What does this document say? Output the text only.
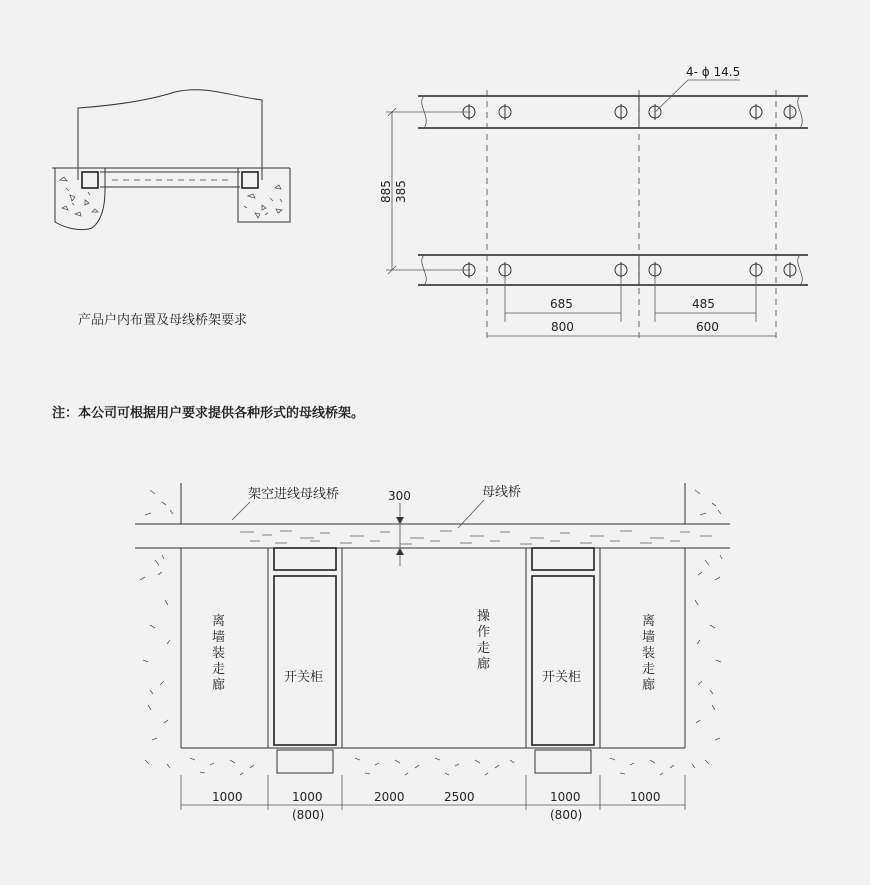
产品户内布置及母线桥架要求
4- ϕ 14.5
885 385
685	485
800	600
注：本公司可根据用户要求提供各种形式的母线桥架。
架空进线母线桥	母线桥
300
开关柜	开关柜
离
墙
装
走
廊
操
作
走
廊
离
墙
装
走
廊
1000	1000
(800)
2000	2500	1000
(800)
1000
